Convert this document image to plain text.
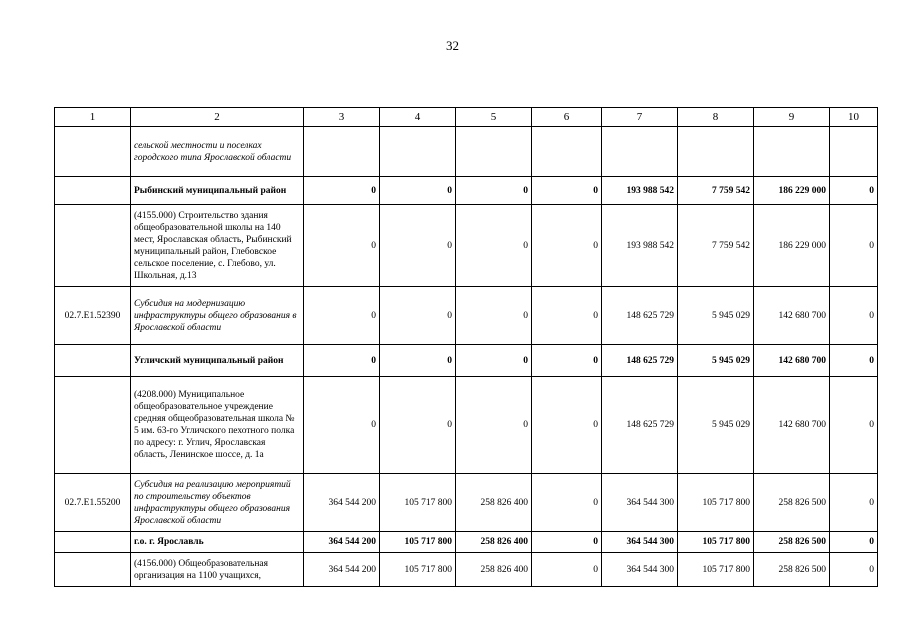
32
1	2	3	4	5	6	7	8	9	10
	сельской местности и поселках городского типа Ярославской области								
	Рыбинский муниципальный район	0	0	0	0	193 988 542	7 759 542	186 229 000	0
	(4155.000) Строительство здания общеобразовательной школы на 140 мест, Ярославская область, Рыбинский муниципальный район, Глебовское сельское поселение, с. Глебово, ул. Школьная, д.13	0	0	0	0	193 988 542	7 759 542	186 229 000	0
02.7.E1.52390	Субсидия на модернизацию инфраструктуры общего образования в Ярославской области	0	0	0	0	148 625 729	5 945 029	142 680 700	0
	Угличский муниципальный район	0	0	0	0	148 625 729	5 945 029	142 680 700	0
	(4208.000) Муниципальное общеобразовательное учреждение средняя общеобразовательная школа № 5 им. 63-го Угличского пехотного полка по адресу: г. Углич, Ярославская область, Ленинское шоссе, д. 1а	0	0	0	0	148 625 729	5 945 029	142 680 700	0
02.7.E1.55200	Субсидия на реализацию мероприятий по строительству объектов инфраструктуры общего образования Ярославской области	364 544 200	105 717 800	258 826 400	0	364 544 300	105 717 800	258 826 500	0
	г.о. г. Ярославль	364 544 200	105 717 800	258 826 400	0	364 544 300	105 717 800	258 826 500	0
	(4156.000) Общеобразовательная организация на 1100 учащихся,	364 544 200	105 717 800	258 826 400	0	364 544 300	105 717 800	258 826 500	0
